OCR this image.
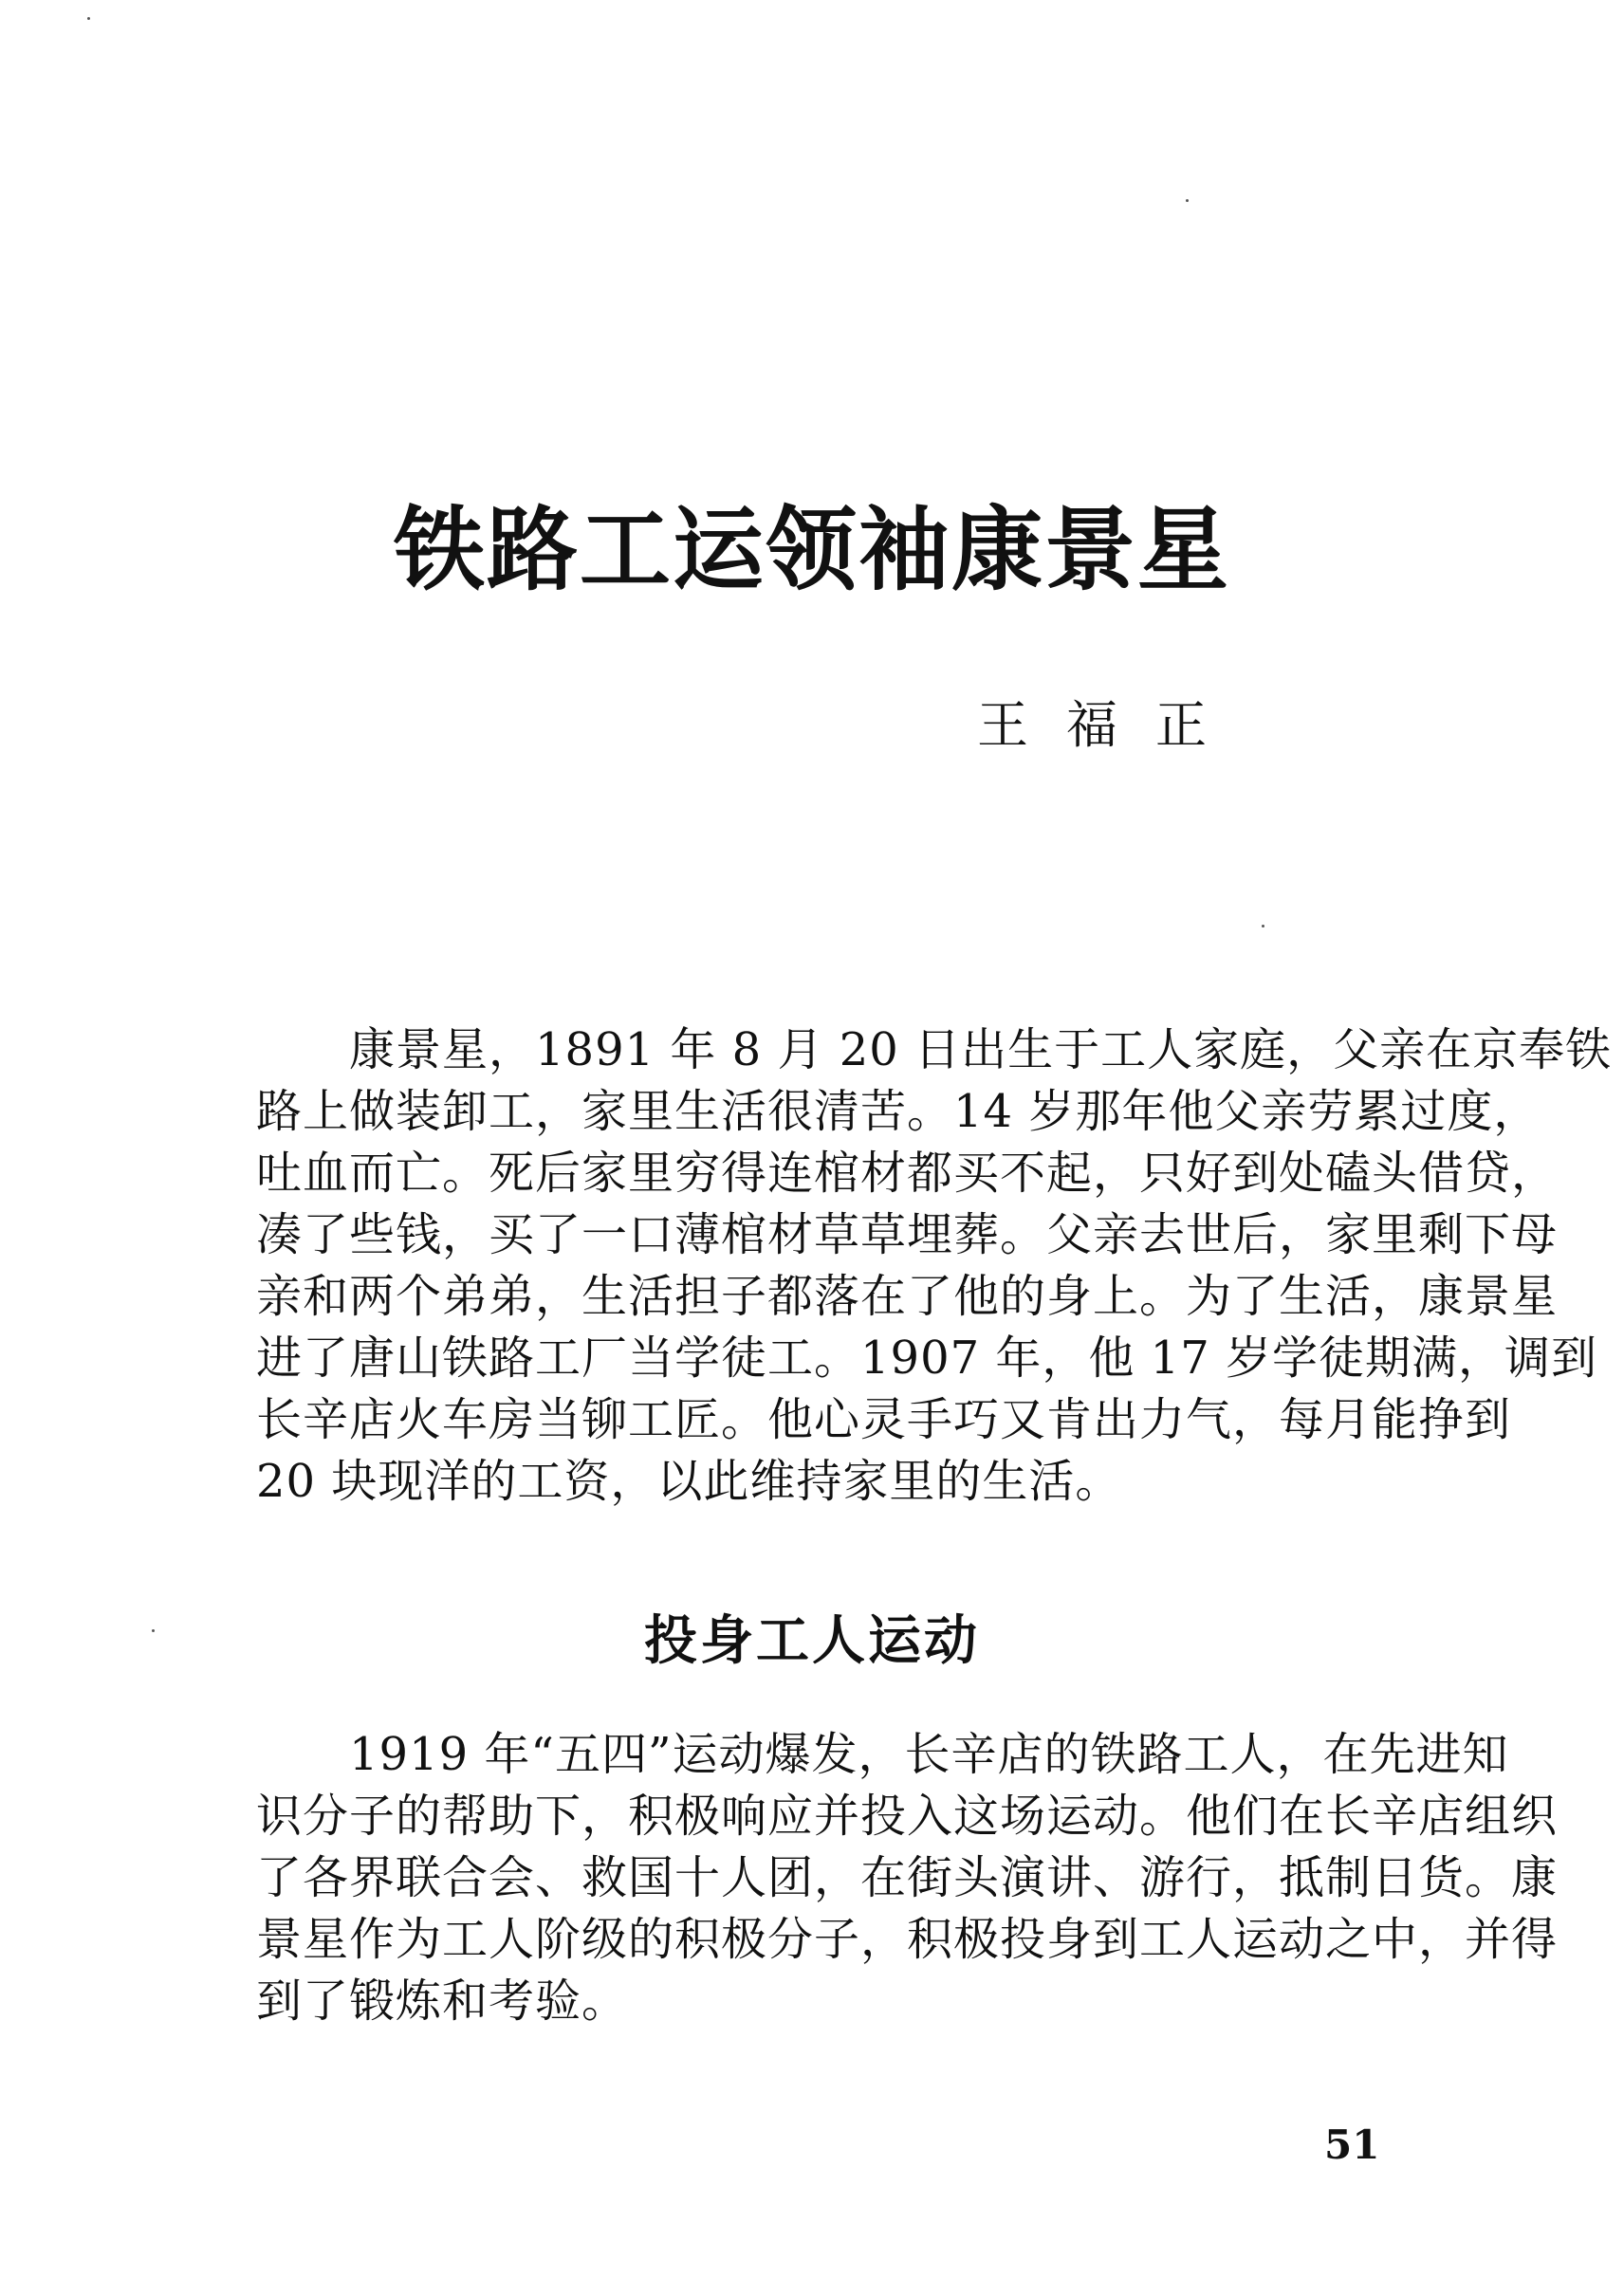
铁路工运领袖康景星
王福正
　　康景星，1891 年 8 月 20 日出生于工人家庭，父亲在京奉铁
路上做装卸工，家里生活很清苦。14 岁那年他父亲劳累过度，
吐血而亡。死后家里穷得连棺材都买不起，只好到处磕头借贷，
凑了些钱，买了一口薄棺材草草埋葬。父亲去世后，家里剩下母
亲和两个弟弟，生活担子都落在了他的身上。为了生活，康景星
进了唐山铁路工厂当学徒工。1907 年，他 17 岁学徒期满，调到
长辛店火车房当铆工匠。他心灵手巧又肯出力气，每月能挣到
20 块现洋的工资，以此维持家里的生活。
投身工人运动
　　1919 年“五四”运动爆发，长辛店的铁路工人，在先进知
识分子的帮助下，积极响应并投入这场运动。他们在长辛店组织
了各界联合会、救国十人团，在街头演讲、游行，抵制日货。康
景星作为工人阶级的积极分子，积极投身到工人运动之中，并得
到了锻炼和考验。
51
